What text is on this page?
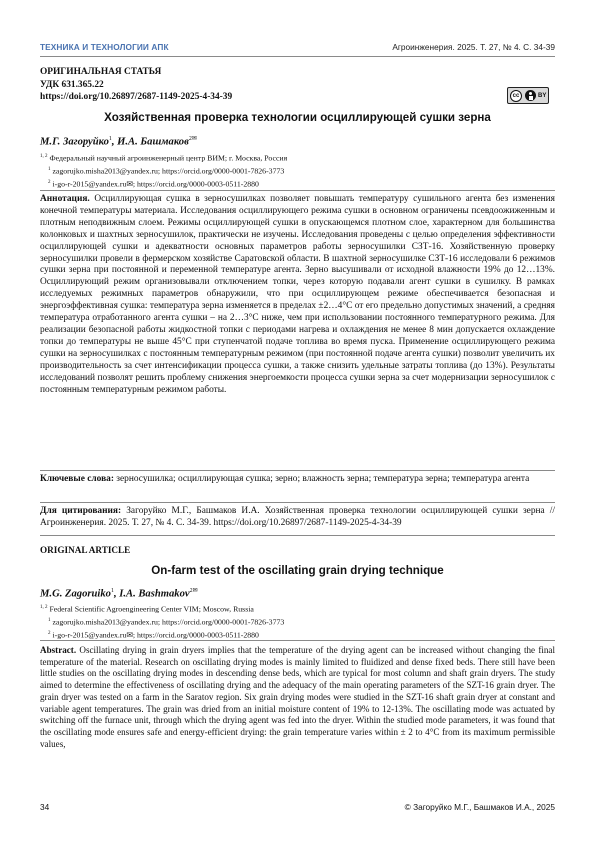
ТЕХНИКА И ТЕХНОЛОГИИ АПК	Агроинженерия. 2025. Т. 27, № 4. С. 34-39
ОРИГИНАЛЬНАЯ СТАТЬЯ
УДК 631.365.22
https://doi.org/10.26897/2687-1149-2025-4-34-39	cc	BY
Хозяйственная проверка технологии осциллирующей сушки зерна
М.Г. Загоруйко$^1$, И.А. Башмаков$^{2✉}$
$^{1, 2}$ Федеральный научный агроинженерный центр ВИМ; г. Москва, Россия
$^1$ zagorujko.misha2013@yandex.ru; https://orcid.org/0000-0001-7826-3773
$^2$ i-go-r-2015@yandex.ru✉; https://orcid.org/0000-0003-0511-2880
Аннотация. Осциллирующая сушка в зерносушилках позволяет повышать температуру сушильного агента без изменения конечной температуры материала. Исследования осциллирующего режима сушки в основном ограничены псевдоожиженным и плотным неподвижным слоем. Режимы осциллирующей сушки в опускающемся плотном слое, характерном для большинства колонковых и шахтных зерносушилок, практически не изучены. Исследования проведены с целью определения эффективности осциллирующей сушки и адекватности основных параметров работы зерносушилки СЗТ-16. Хозяйственную проверку зерносушилки провели в фермерском хозяйстве Саратовской области. В шахтной зерносушилке СЗТ-16 исследовали 6 режимов сушки зерна при постоянной и переменной температуре агента. Зерно высушивали от исходной влажности 19% до 12…13%. Осциллирующий режим организовывали отключением топки, через которую подавали агент сушки в сушилку. В рамках исследуемых режимных параметров обнаружили, что при осциллирующем режиме обеспечивается безопасная и энергоэффективная сушка: температура зерна изменяется в пределах ±2…4°С от его предельно допустимых значений, а средняя температура отработанного агента сушки – на 2…3°С ниже, чем при использовании постоянного температурного режима. Для реализации безопасной работы жидкостной топки с периодами нагрева и охлаждения не менее 8 мин допускается охлаждение топки до температуры не выше 45°С при ступенчатой подаче топлива во время пуска. Применение осциллирующего режима сушки на зерносушилках с постоянным температурным режимом (при постоянной подаче агента сушки) позволит увеличить их производительность за счет интенсификации процесса сушки, а также снизить удельные затраты топлива (до 13%). Результаты исследований позволят решить проблему снижения энергоемкости процесса сушки зерна за счет модернизации зерносушилок с постоянным температурным режимом работы.
Ключевые слова: зерносушилка; осциллирующая сушка; зерно; влажность зерна; температура зерна; температура агента
Для цитирования: Загоруйко М.Г., Башмаков И.А. Хозяйственная проверка технологии осциллирующей сушки зерна // Агроинженерия. 2025. Т. 27, № 4. С. 34-39. https://doi.org/10.26897/2687-1149-2025-4-34-39
ORIGINAL ARTICLE
On-farm test of the oscillating grain drying technique
M.G. Zagoruiko$^1$, I.A. Bashmakov$^{2✉}$
$^{1, 2}$ Federal Scientific Agroengineering Center VIM; Moscow, Russia
$^1$ zagorujko.misha2013@yandex.ru; https://orcid.org/0000-0001-7826-3773
$^2$ i-go-r-2015@yandex.ru✉; https://orcid.org/0000-0003-0511-2880
Abstract. Oscillating drying in grain dryers implies that the temperature of the drying agent can be increased without changing the final temperature of the material. Research on oscillating drying modes is mainly limited to fluidized and dense fixed beds. There still have been little studies on the oscillating drying modes in descending dense beds, which are typical for most column and shaft grain dryers. The study aimed to determine the effectiveness of oscillating drying and the adequacy of the main operating parameters of the SZT-16 grain dryer. The grain dryer was tested on a farm in the Saratov region. Six grain drying modes were studied in the SZT-16 shaft grain dryer at constant and variable agent temperatures. The grain was dried from an initial moisture content of 19% to 12-13%. The oscillating mode was actuated by switching off the furnace unit, through which the drying agent was fed into the dryer. Within the studied mode parameters, it was found that the oscillating mode ensures safe and energy-efficient drying: the grain temperature varies within ± 2 to 4°C from its maximum permissible values,
34	© Загоруйко М.Г., Башмаков И.А., 2025
